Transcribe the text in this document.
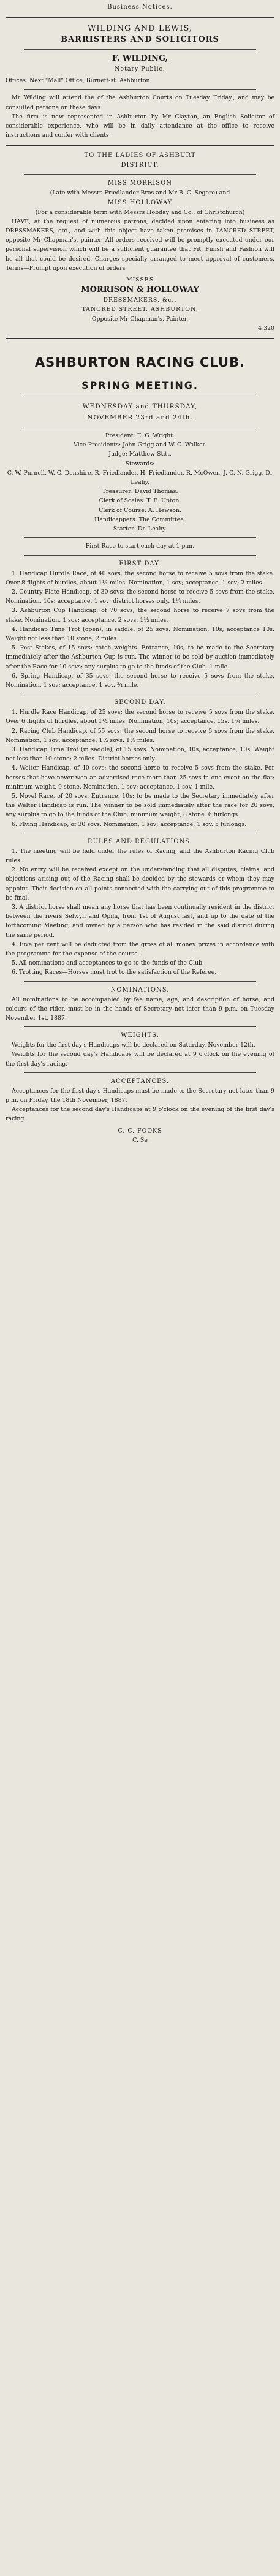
Business Notices.

WILDING AND LEWIS,

BARRISTERS AND SOLICITORS

F. WILDING,

Notary Public.

Offices: Next "Mall" Office, Burnett-st. Ashburton.

Mr Wilding will attend the of the Ashburton Courts on Tuesday Friday., and may be consulted persona on these days.

The firm is now represented in Ashburton by Mr Clayton, an English Solicitor of considerable experience, who will be in daily attendance at the office to receive instructions and confer with clients

TO THE LADIES OF ASHBURT

DISTRICT.

MISS MORRISON

(Late with Messrs Friedlander Bros and Mr B. C. Segere) and

MISS HOLLOWAY

(For a considerable term with Messrs Hobday and Co., of Christchurch)

HAVE, at the request of numerous patrons, decided upon entering into business as DRESSMAKERS, etc., and with this object have taken premises in TANCRED STREET, opposite Mr Chapman's, painter. All orders received will be promptly executed under our personal supervision which will be a sufficient guarantee that Fit, Finish and Fashion will be all that could be desired. Charges specially arranged to meet approval of customers. Terms—Prompt upon execution of orders

MISSES

MORRISON & HOLLOWAY

DRESSMAKERS, &c.,

TANCRED STREET, ASHBURTON,

Opposite Mr Chapman's, Painter.

4 320

ASHBURTON RACING CLUB.

SPRING MEETING.

WEDNESDAY and THURSDAY,

NOVEMBER 23rd and 24th.

President: E. G. Wright.

Vice-Presidents: John Grigg and W. C. Walker.

Judge: Matthew Stitt.

Stewards:

C. W. Purnell, W. C. Denshire, R. Friedlander, H. Friedlander, R. McOwen, J. C. N. Grigg, Dr Leahy.

Treasurer: David Thomas.

Clerk of Scales: T. E. Upton.

Clerk of Course: A. Hewson.

Handicappers: The Committee.

Starter: Dr. Leahy.

First Race to start each day at 1 p.m.

FIRST DAY.

1. Handicap Hurdle Race, of 40 sovs; the second horse to receive 5 sovs from the stake. Over 8 flights of hurdles, about 1½ miles. Nomination, 1 sov; acceptance, 1 sov; 2 miles.

2. Country Plate Handicap, of 30 sovs; the second horse to receive 5 sovs from the stake. Nomination, 10s; acceptance, 1 sov; district horses only. 1¼ miles.

3. Ashburton Cup Handicap, of 70 sovs; the second horse to receive 7 sovs from the stake. Nomination, 1 sov; acceptance, 2 sovs. 1½ miles.

4. Handicap Time Trot (open), in saddle, of 25 sovs. Nomination, 10s; acceptance 10s. Weight not less than 10 stone; 2 miles.

5. Post Stakes, of 15 sovs; catch weights. Entrance, 10s; to be made to the Secretary immediately after the Ashburton Cup is run. The winner to be sold by auction immediately after the Race for 10 sovs; any surplus to go to the funds of the Club. 1 mile.

6. Spring Handicap, of 35 sovs; the second horse to receive 5 sovs from the stake. Nomination, 1 sov; acceptance, 1 sov. ¾ mile.

SECOND DAY.

1. Hurdle Race Handicap, of 25 sovs; the second horse to receive 5 sovs from the stake. Over 6 flights of hurdles, about 1½ miles. Nomination, 10s; acceptance, 15s. 1¾ miles.

2. Racing Club Handicap, of 55 sovs; the second horse to receive 5 sovs from the stake. Nomination, 1 sov; acceptance, 1½ sovs. 1½ miles.

3. Handicap Time Trot (in saddle), of 15 sovs. Nomination, 10s; acceptance, 10s. Weight not less than 10 stone; 2 miles. District horses only.

4. Welter Handicap, of 40 sovs; the second horse to receive 5 sovs from the stake. For horses that have never won an advertised race more than 25 sovs in one event on the flat; minimum weight, 9 stone. Nomination, 1 sov; acceptance, 1 sov. 1 mile.

5. Novel Race, of 20 sovs. Entrance, 10s; to be made to the Secretary immediately after the Welter Handicap is run. The winner to be sold immediately after the race for 20 sovs; any surplus to go to the funds of the Club; minimum weight, 8 stone. 6 furlongs.

6. Flying Handicap, of 30 sovs. Nomination, 1 sov; acceptance, 1 sov. 5 furlongs.

RULES AND REGULATIONS.

1. The meeting will be held under the rules of Racing, and the Ashburton Racing Club rules.

2. No entry will be received except on the understanding that all disputes, claims, and objections arising out of the Racing shall be decided by the stewards or whom they may appoint. Their decision on all points connected with the carrying out of this programme to be final.

3. A district horse shall mean any horse that has been continually resident in the district between the rivers Selwyn and Opihi, from 1st of August last, and up to the date of the forthcoming Meeting, and owned by a person who has resided in the said district during the same period.

4. Five per cent will be deducted from the gross of all money prizes in accordance with the programme for the expense of the course.

5. All nominations and acceptances to go to the funds of the Club.

6. Trotting Races—Horses must trot to the satisfaction of the Referee.

NOMINATIONS.

All nominations to be accompanied by fee name, age, and description of horse, and colours of the rider, must be in the hands of Secretary not later than 9 p.m. on Tuesday November 1st, 1887.

WEIGHTS.

Weights for the first day's Handicaps will be declared on Saturday, November 12th.

Weights for the second day's Handicaps will be declared at 9 o'clock on the evening of the first day's racing.

ACCEPTANCES.

Acceptances for the first day's Handicaps must be made to the Secretary not later than 9 p.m. on Friday, the 18th November, 1887.

Acceptances for the second day's Handicaps at 9 o'clock on the evening of the first day's racing.

C. C. FOOKS

C. Se
